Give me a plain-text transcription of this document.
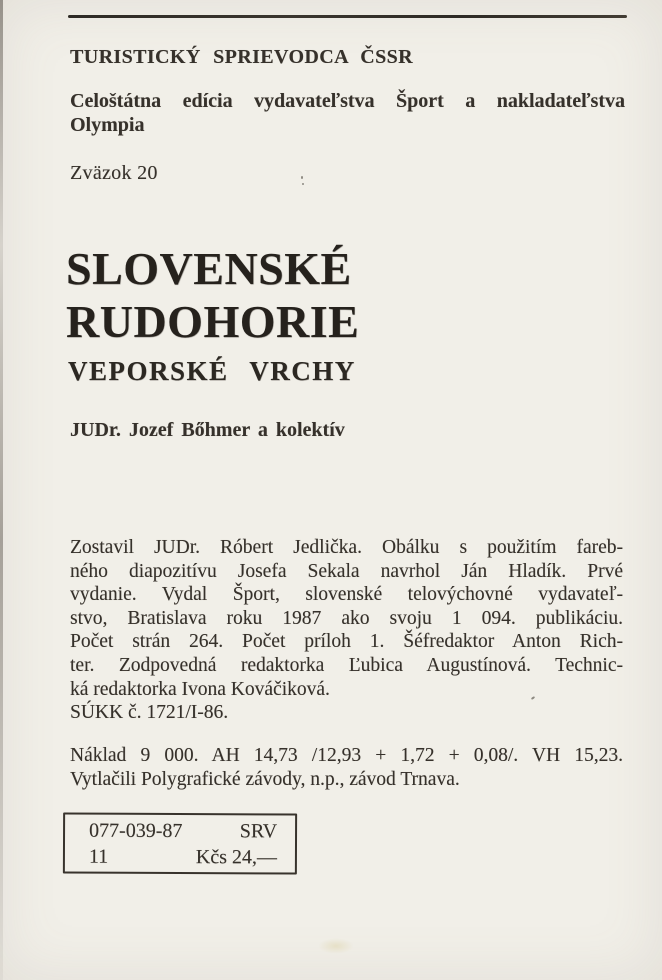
TURISTICKÝ SPRIEVODCA ČSSR
Celoštátna edícia vydavateľstva Šport a nakladateľstva
Olympia
Zväzok 20
SLOVENSKÉ
RUDOHORIE
VEPORSKÉ VRCHY
JUDr. Jozef Bőhmer a kolektív
Zostavil JUDr. Róbert Jedlička. Obálku s použitím fareb-
ného diapozitívu Josefa Sekala navrhol Ján Hladík. Prvé
vydanie. Vydal Šport, slovenské telovýchovné vydavateľ-
stvo, Bratislava roku 1987 ako svoju 1 094. publikáciu.
Počet strán 264. Počet príloh 1. Šéfredaktor Anton Rich-
ter. Zodpovedná redaktorka Ľubica Augustínová. Technic-
ká redaktorka Ivona Kováčiková.
SÚKK č. 1721/I-86.
Náklad 9 000. AH 14,73 /12,93 + 1,72 + 0,08/. VH 15,23.
Vytlačili Polygrafické závody, n.p., závod Trnava.
077-039-87	SRV
11	Kčs 24,—
